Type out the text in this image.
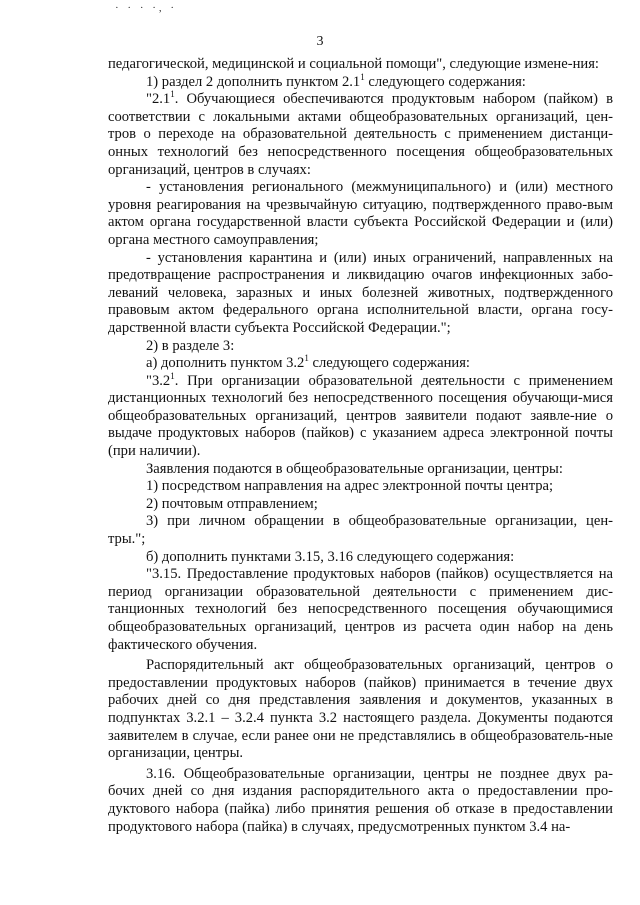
· · · ·, ·
3

педагогической, медицинской и социальной помощи", следующие измене-ния:

1) раздел 2 дополнить пунктом $2.1^1$ следующего содержания:

"$2.1^1$. Обучающиеся обеспечиваются продуктовым набором (пайком) в соответствии с локальными актами общеобразовательных организаций, цен-тров о переходе на образовательной деятельность с применением дистанци-онных технологий без непосредственного посещения общеобразовательных организаций, центров в случаях:

- установления регионального (межмуниципального) и (или) местного уровня реагирования на чрезвычайную ситуацию, подтвержденного право-вым актом органа государственной власти субъекта Российской Федерации и (или) органа местного самоуправления;

- установления карантина и (или) иных ограничений, направленных на предотвращение распространения и ликвидацию очагов инфекционных забо-леваний человека, заразных и иных болезней животных, подтвержденного правовым актом федерального органа исполнительной власти, органа госу-дарственной власти субъекта Российской Федерации.";

2) в разделе 3:

а) дополнить пунктом $3.2^1$ следующего содержания:

"$3.2^1$. При организации образовательной деятельности с применением дистанционных технологий без непосредственного посещения обучающи-мися общеобразовательных организаций, центров заявители подают заявле-ние о выдаче продуктовых наборов (пайков) с указанием адреса электронной почты (при наличии).

Заявления подаются в общеобразовательные организации, центры:

1) посредством направления на адрес электронной почты центра;

2) почтовым отправлением;

3) при личном обращении в общеобразовательные организации, цен-тры.";

б) дополнить пунктами 3.15, 3.16 следующего содержания:

"3.15. Предоставление продуктовых наборов (пайков) осуществляется на период организации образовательной деятельности с применением дис-танционных технологий без непосредственного посещения обучающимися общеобразовательных организаций, центров из расчета один набор на день фактического обучения.

Распорядительный акт общеобразовательных организаций, центров о предоставлении продуктовых наборов (пайков) принимается в течение двух рабочих дней со дня представления заявления и документов, указанных в подпунктах 3.2.1 – 3.2.4 пункта 3.2 настоящего раздела. Документы подаются заявителем в случае, если ранее они не представлялись в общеобразователь-ные организации, центры.

3.16. Общеобразовательные организации, центры не позднее двух ра-бочих дней со дня издания распорядительного акта о предоставлении про-дуктового набора (пайка) либо принятия решения об отказе в предоставлении продуктового набора (пайка) в случаях, предусмотренных пунктом 3.4 на-
